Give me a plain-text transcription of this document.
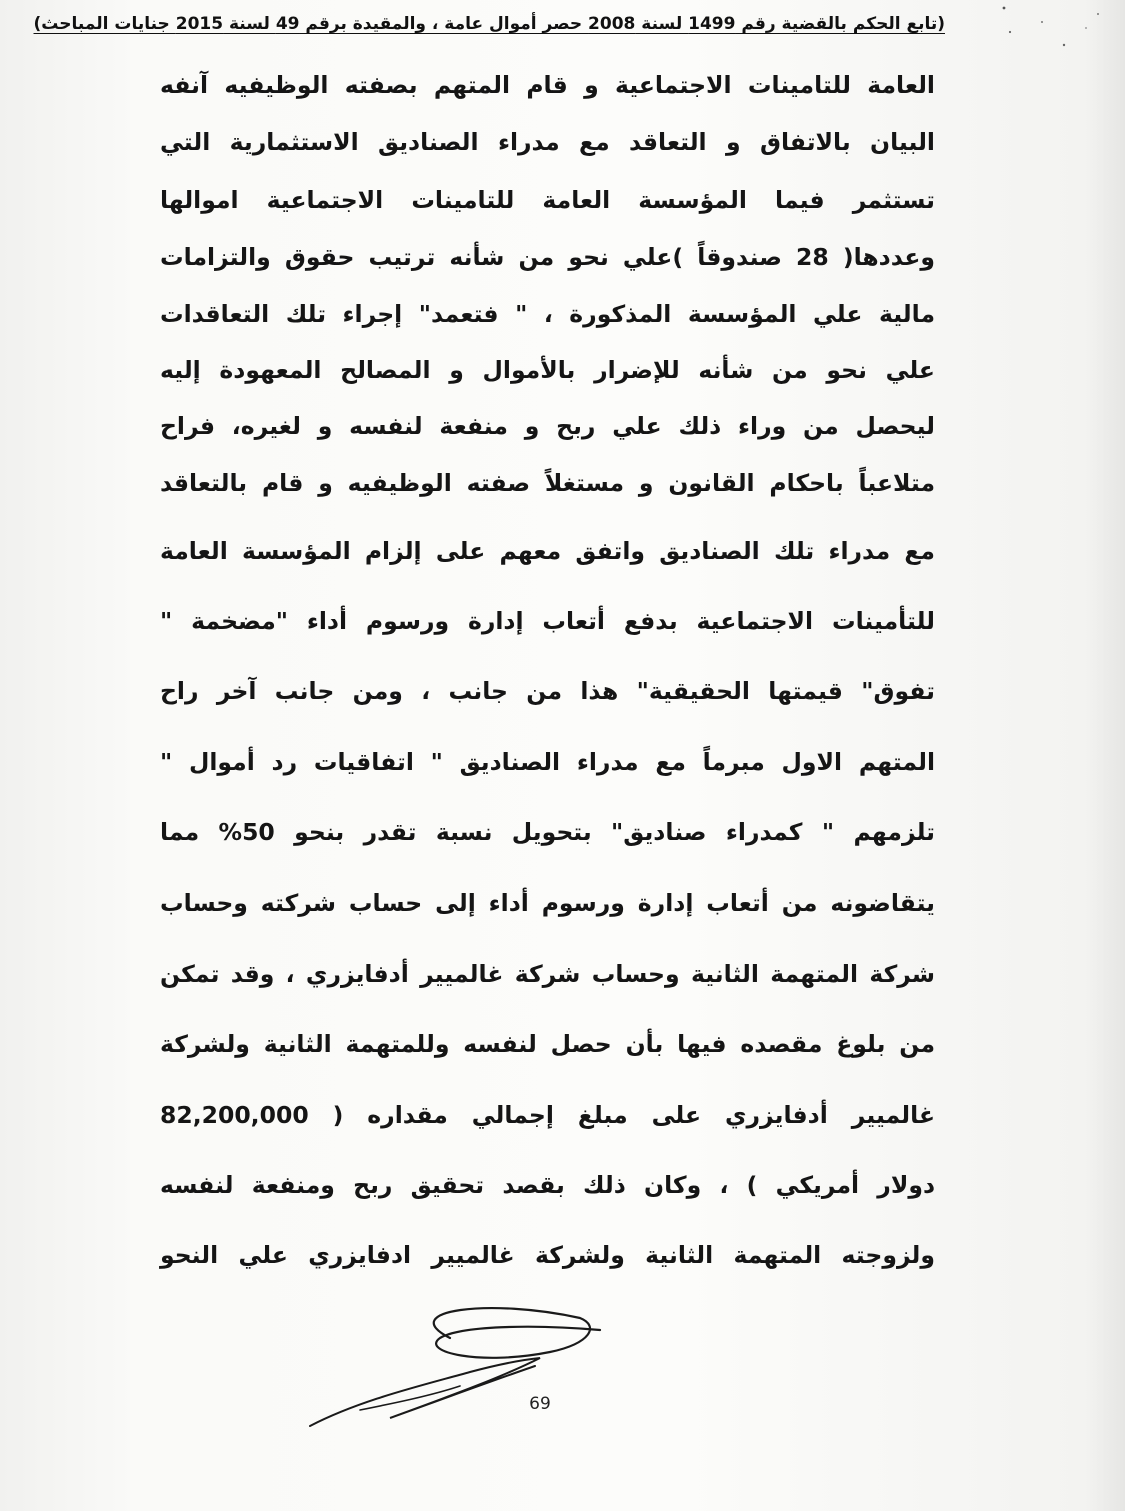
(تابع الحكم بالقضية رقم 1499 لسنة 2008 حصر أموال عامة ، والمقيدة برقم 49 لسنة 2015 جنايات المباحث)
العامة للتامينات الاجتماعية و قام المتهم بصفته الوظيفيه آنفه
البيان بالاتفاق و التعاقد مع مدراء الصناديق الاستثمارية التي
تستثمر فيما المؤسسة العامة للتامينات الاجتماعية اموالها
وعددها( 28 صندوقاً )علي نحو من شأنه ترتيب حقوق والتزامات
مالية علي المؤسسة المذكورة ، " فتعمد" إجراء تلك التعاقدات
علي نحو من شأنه للإضرار بالأموال و المصالح المعهودة إليه
ليحصل من وراء ذلك علي ربح و منفعة لنفسه و لغيره، فراح
متلاعباً باحكام القانون و مستغلاً صفته الوظيفيه و قام بالتعاقد
مع مدراء تلك الصناديق واتفق معهم على إلزام المؤسسة العامة
للتأمينات الاجتماعية بدفع أتعاب إدارة ورسوم أداء "مضخمة "
تفوق" قيمتها الحقيقية" هذا من جانب ، ومن جانب آخر راح
المتهم الاول مبرماً مع مدراء الصناديق " اتفاقيات رد أموال "
تلزمهم " كمدراء صناديق" بتحويل نسبة تقدر بنحو 50% مما
يتقاضونه من أتعاب إدارة ورسوم أداء إلى حساب شركته وحساب
شركة المتهمة الثانية وحساب شركة غالميير أدفايزري ، وقد تمكن
من بلوغ مقصده فيها بأن حصل لنفسه وللمتهمة الثانية ولشركة
غالميير أدفايزري على مبلغ إجمالي مقداره ( 82,200,000
دولار أمريكي ) ، وكان ذلك بقصد تحقيق ربح ومنفعة لنفسه
ولزوجته المتهمة الثانية ولشركة غالميير ادفايزري علي النحو
69
